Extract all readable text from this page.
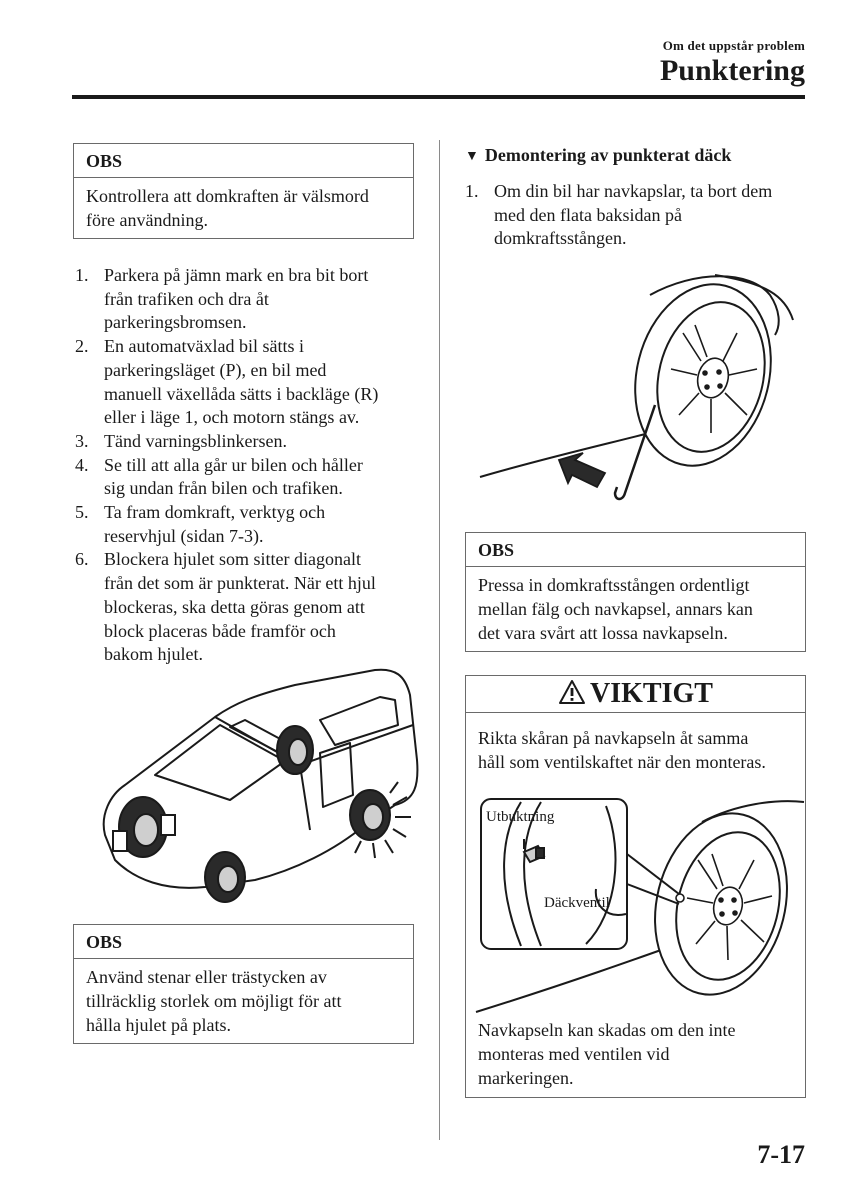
Om det uppstår problem
Punktering
OBS
Kontrollera att domkraften är välsmord
före användning.
1. Parkera på jämn mark en bra bit bort
från trafiken och dra åt
parkeringsbromsen.
2. En automatväxlad bil sätts i
parkeringsläget (P), en bil med
manuell växellåda sätts i backläge (R)
eller i läge 1, och motorn stängs av.
3. Tänd varningsblinkersen.
4. Se till att alla går ur bilen och håller
sig undan från bilen och trafiken.
5. Ta fram domkraft, verktyg och
reservhjul (sidan 7-3).
6. Blockera hjulet som sitter diagonalt
från det som är punkterat. När ett hjul
blockeras, ska detta göras genom att
block placeras både framför och
bakom hjulet.
OBS
Använd stenar eller trästycken av
tillräcklig storlek om möjligt för att
hålla hjulet på plats.
▼ Demontering av punkterat däck
1. Om din bil har navkapslar, ta bort dem
med den flata baksidan på
domkraftsstången.
OBS
Pressa in domkraftsstången ordentligt
mellan fälg och navkapsel, annars kan
det vara svårt att lossa navkapseln.
VIKTIGT
Rikta skåran på navkapseln åt samma
håll som ventilskaftet när den monteras.
Utbuktning
Däckventil
Navkapseln kan skadas om den inte
monteras med ventilen vid
markeringen.
7-17
